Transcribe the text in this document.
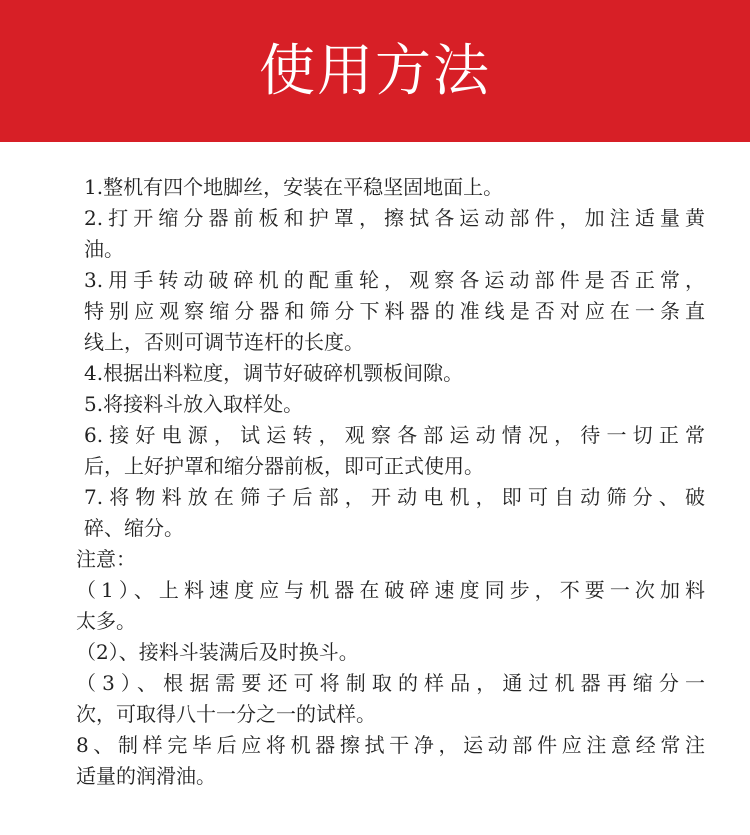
使用方法
1.整机有四个地脚丝，安装在平稳坚固地面上。
2.打开缩分器前板和护罩，擦拭各运动部件，加注适量黄
油。
3.用手转动破碎机的配重轮，观察各运动部件是否正常，
特别应观察缩分器和筛分下料器的准线是否对应在一条直
线上，否则可调节连杆的长度。
4.根据出料粒度，调节好破碎机颚板间隙。
5.将接料斗放入取样处。
6.接好电源，试运转，观察各部运动情况，待一切正常
后，上好护罩和缩分器前板，即可正式使用。
7.将物料放在筛子后部，开动电机，即可自动筛分、破
碎、缩分。
注意：
（1）、上料速度应与机器在破碎速度同步，不要一次加料
太多。
（2）、接料斗装满后及时换斗。
（3）、根据需要还可将制取的样品，通过机器再缩分一
次，可取得八十一分之一的试样。
8、制样完毕后应将机器擦拭干净，运动部件应注意经常注
适量的润滑油。
